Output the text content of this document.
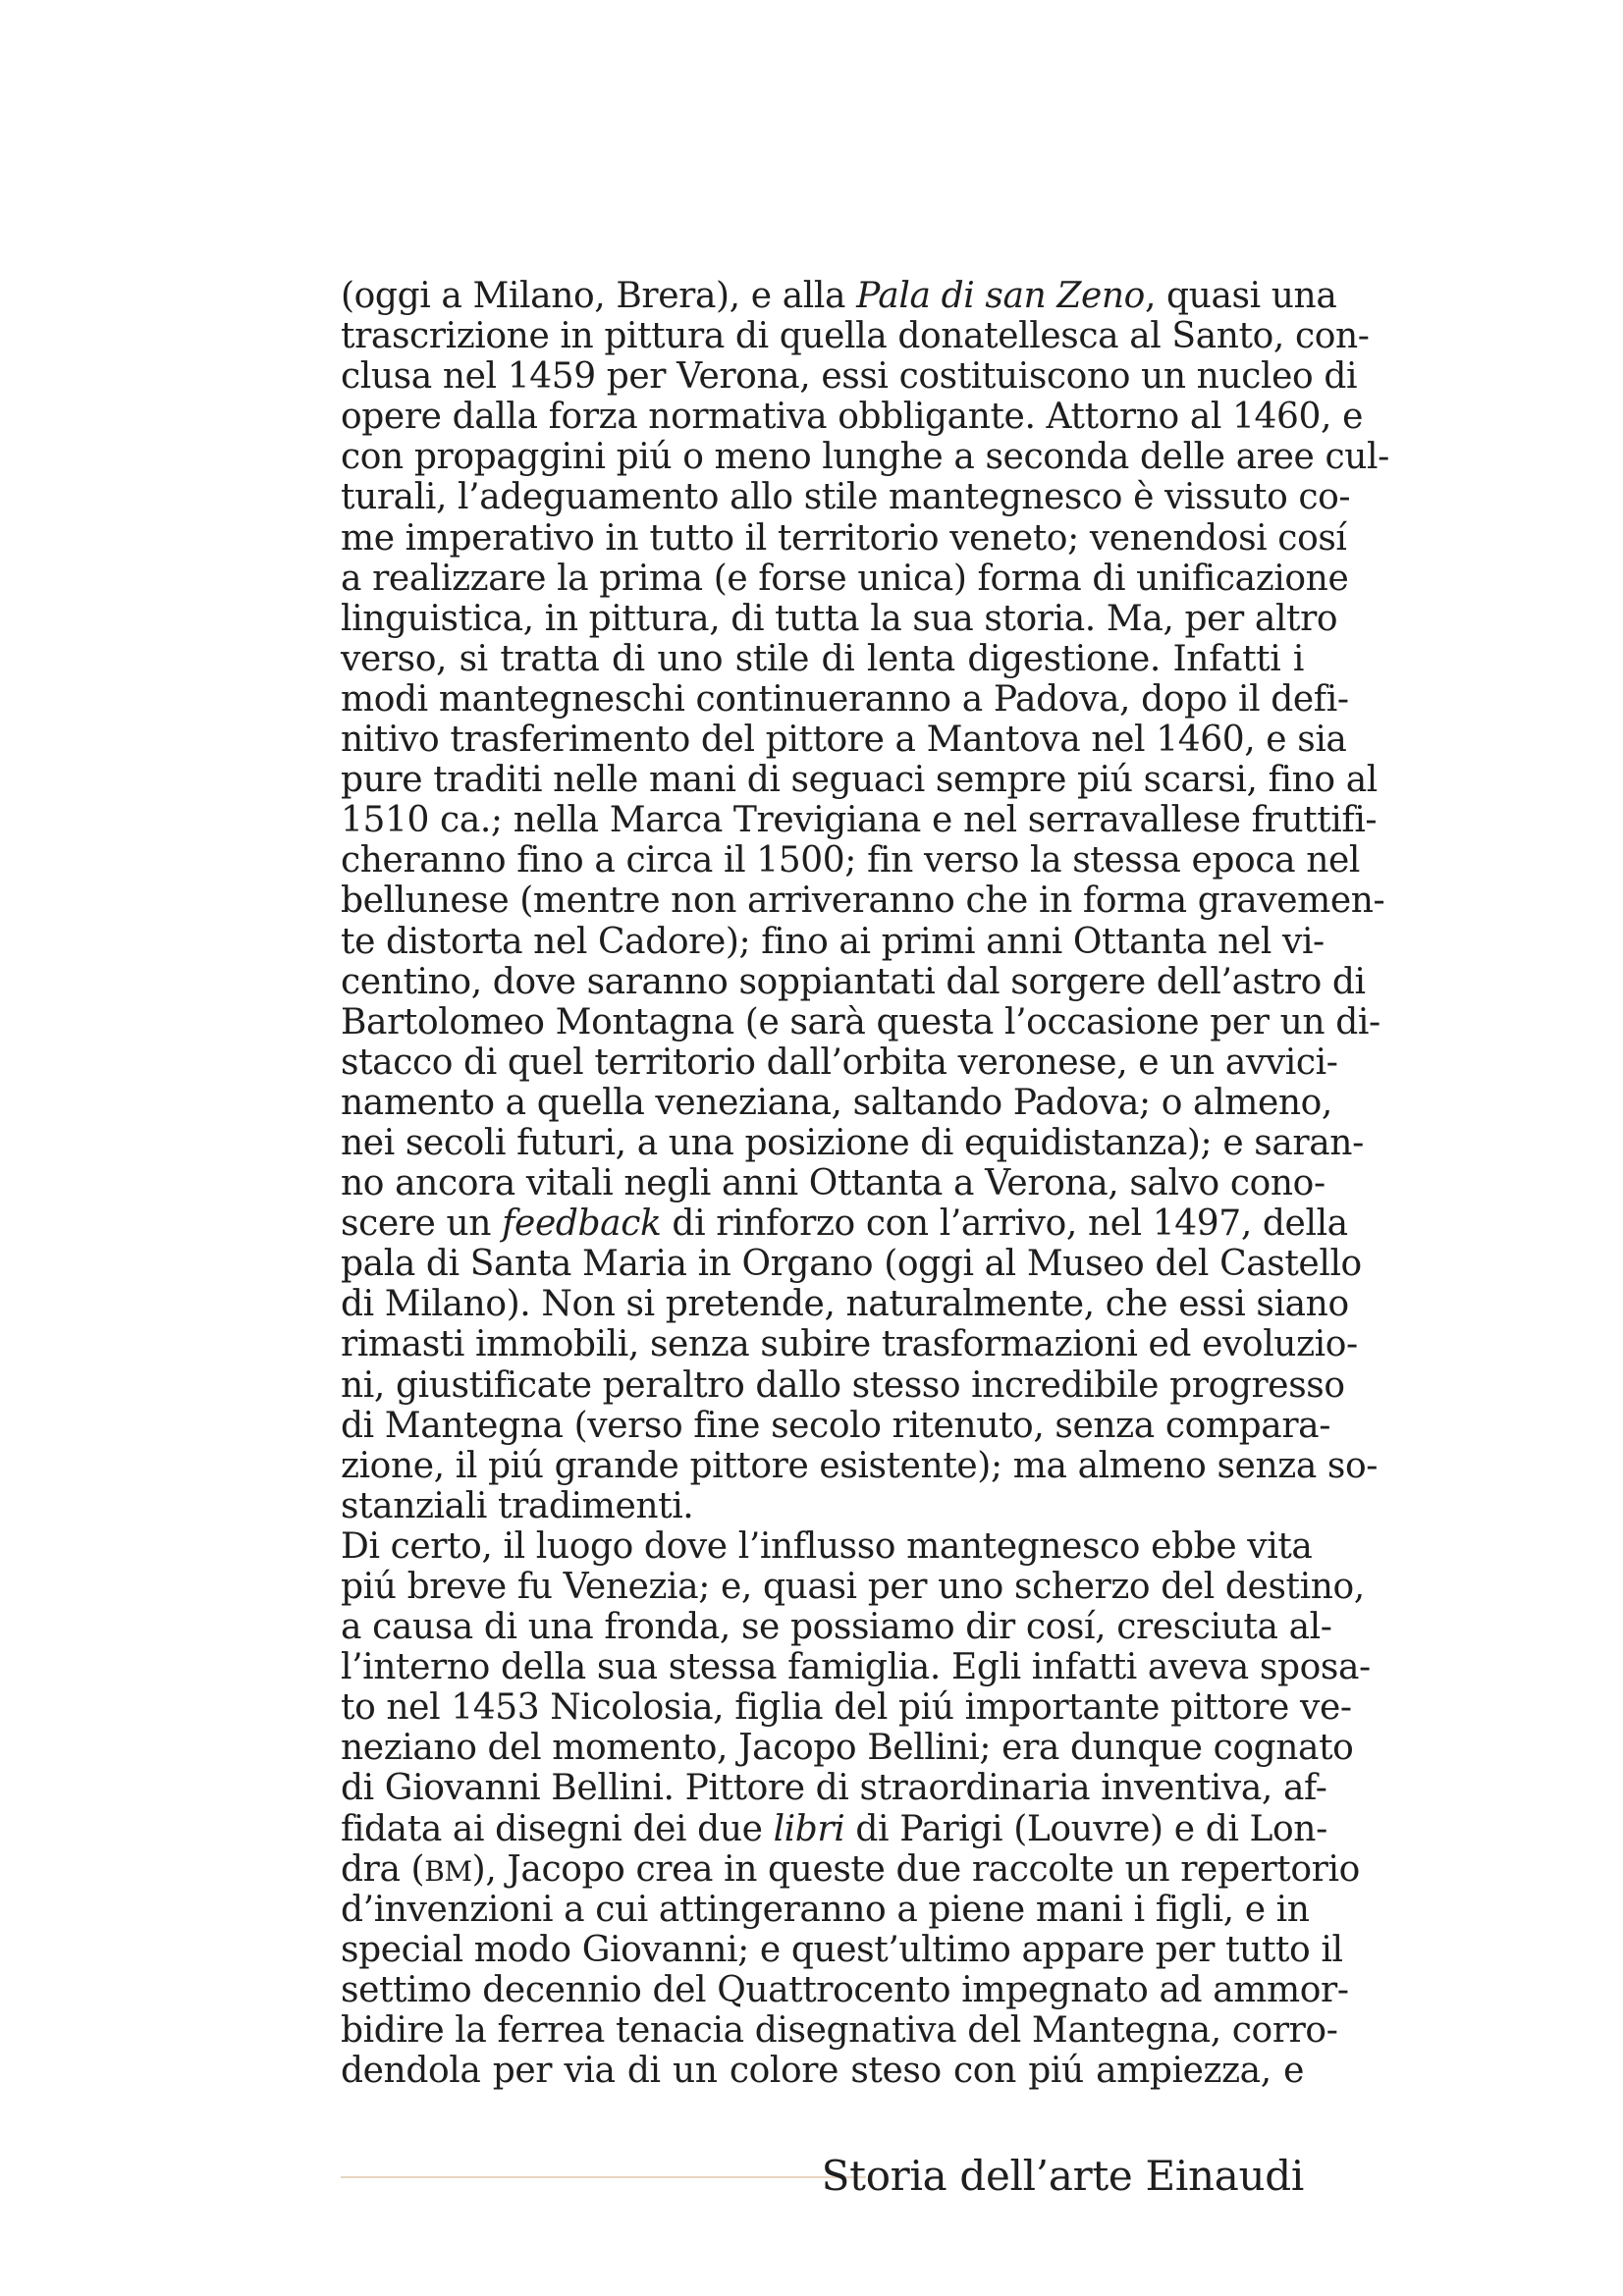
(oggi a Milano, Brera), e alla Pala di san Zeno, quasi una
trascrizione in pittura di quella donatellesca al Santo, con-
clusa nel 1459 per Verona, essi costituiscono un nucleo di
opere dalla forza normativa obbligante. Attorno al 1460, e
con propaggini piú o meno lunghe a seconda delle aree cul-
turali, l’adeguamento allo stile mantegnesco è vissuto co-
me imperativo in tutto il territorio veneto; venendosi cosí
a realizzare la prima (e forse unica) forma di unificazione
linguistica, in pittura, di tutta la sua storia. Ma, per altro
verso, si tratta di uno stile di lenta digestione. Infatti i
modi mantegneschi continueranno a Padova, dopo il defi-
nitivo trasferimento del pittore a Mantova nel 1460, e sia
pure traditi nelle mani di seguaci sempre piú scarsi, fino al
1510 ca.; nella Marca Trevigiana e nel serravallese fruttifi-
cheranno fino a circa il 1500; fin verso la stessa epoca nel
bellunese (mentre non arriveranno che in forma gravemen-
te distorta nel Cadore); fino ai primi anni Ottanta nel vi-
centino, dove saranno soppiantati dal sorgere dell’astro di
Bartolomeo Montagna (e sarà questa l’occasione per un di-
stacco di quel territorio dall’orbita veronese, e un avvici-
namento a quella veneziana, saltando Padova; o almeno,
nei secoli futuri, a una posizione di equidistanza); e saran-
no ancora vitali negli anni Ottanta a Verona, salvo cono-
scere un feedback di rinforzo con l’arrivo, nel 1497, della
pala di Santa Maria in Organo (oggi al Museo del Castello
di Milano). Non si pretende, naturalmente, che essi siano
rimasti immobili, senza subire trasformazioni ed evoluzio-
ni, giustificate peraltro dallo stesso incredibile progresso
di Mantegna (verso fine secolo ritenuto, senza compara-
zione, il piú grande pittore esistente); ma almeno senza so-
stanziali tradimenti.
Di certo, il luogo dove l’influsso mantegnesco ebbe vita
piú breve fu Venezia; e, quasi per uno scherzo del destino,
a causa di una fronda, se possiamo dir cosí, cresciuta al-
l’interno della sua stessa famiglia. Egli infatti aveva sposa-
to nel 1453 Nicolosia, figlia del piú importante pittore ve-
neziano del momento, Jacopo Bellini; era dunque cognato
di Giovanni Bellini. Pittore di straordinaria inventiva, af-
fidata ai disegni dei due libri di Parigi (Louvre) e di Lon-
dra (BM), Jacopo crea in queste due raccolte un repertorio
d’invenzioni a cui attingeranno a piene mani i figli, e in
special modo Giovanni; e quest’ultimo appare per tutto il
settimo decennio del Quattrocento impegnato ad ammor-
bidire la ferrea tenacia disegnativa del Mantegna, corro-
dendola per via di un colore steso con piú ampiezza, e
Storia dell’arte Einaudi
